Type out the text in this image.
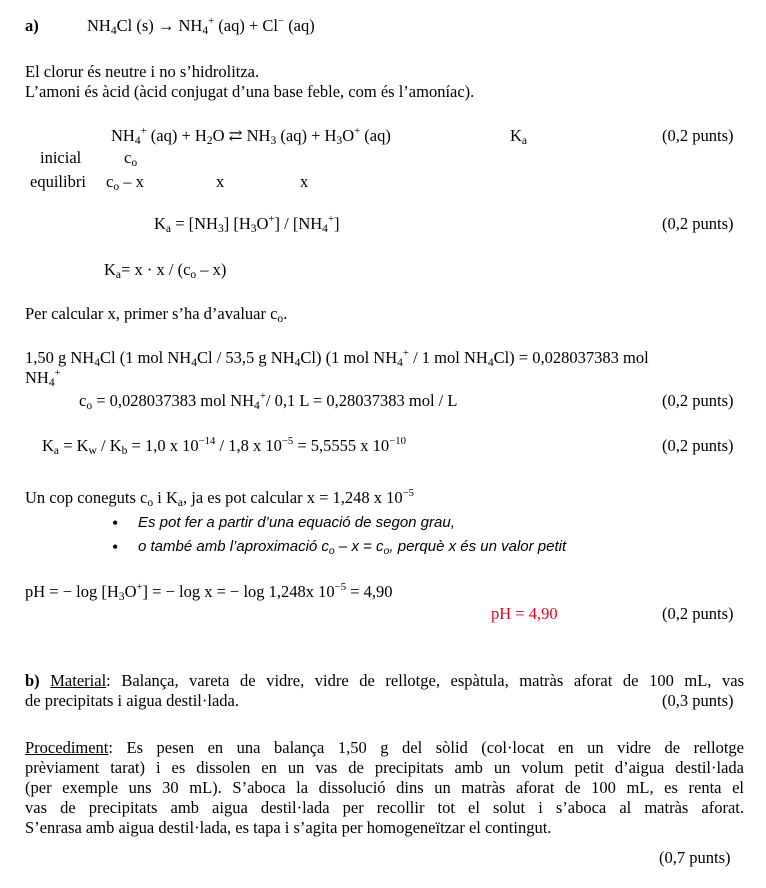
a)	$NH_4Cl$ $(s) \to NH_4^+$ (aq) + Cl− (aq)
El clorur és neutre i no s’hidrolitza.
L’amoni és àcid (àcid conjugat d’una base feble, com és l’amoníac).
$NH_4^+$ $(aq) + H_2O$ ⇄ $NH_3$ $(aq) + H_3O^+$ (aq)	$K_a$	(0,2 punts)
inicial	$c_o$
equilibri $c_o$ – x	x	x
$K_a = [NH_3]$ $[H_3O^+] / [NH_4^+]$	(0,2 punts)
$K_a= x \cdot x / (c_o - x)$
Per calcular x, primer s’ha d’avaluar $c_o$.
1,50 g $NH_4Cl$ (1 mol $NH_4Cl / 53,5$ g $NH_4Cl$) (1 mol $NH_4^+ / 1$ mol $NH_4Cl) = 0,028037383$ mol
$NH_4^+$
$c_o = 0,028037383$ mol $NH_4^+/$ 0,1 L = 0,28037383 mol / L	(0,2 punts)
$K_a = K_w / K_b = 1,0$ x $10^{-14} / 1,8$ x $10^{-5} = 5,5555$ x $10^{-10}$	(0,2 punts)
Un cop coneguts $c_o$ i $K_a$, ja es pot calcular x = 1,248 x $10^{-5}$
• Es pot fer a partir d’una equació de segon grau,
• o també amb l’aproximació $c_o - x = c_o$, perquè x és un valor petit
pH = − $\log [H_3O^+]$ = − log x = − log 1,248x $10^{-5} = 4,90$
pH = 4,90	(0,2 punts)
b) Material: Balança, vareta de vidre, vidre de rellotge, espàtula, matràs aforat de 100 mL, vas
de precipitats i aigua destil·lada.	(0,3 punts)
Procediment: Es pesen en una balança 1,50 g del sòlid (col·locat en un vidre de rellotge
prèviament tarat) i es dissolen en un vas de precipitats amb un volum petit d’aigua destil·lada
(per exemple uns 30 mL). S’aboca la dissolució dins un matràs aforat de 100 mL, es renta el
vas de precipitats amb aigua destil·lada per recollir tot el solut i s’aboca al matràs aforat.
S’enrasa amb aigua destil·lada, es tapa i s’agita per homogeneïtzar el contingut.
(0,7 punts)
